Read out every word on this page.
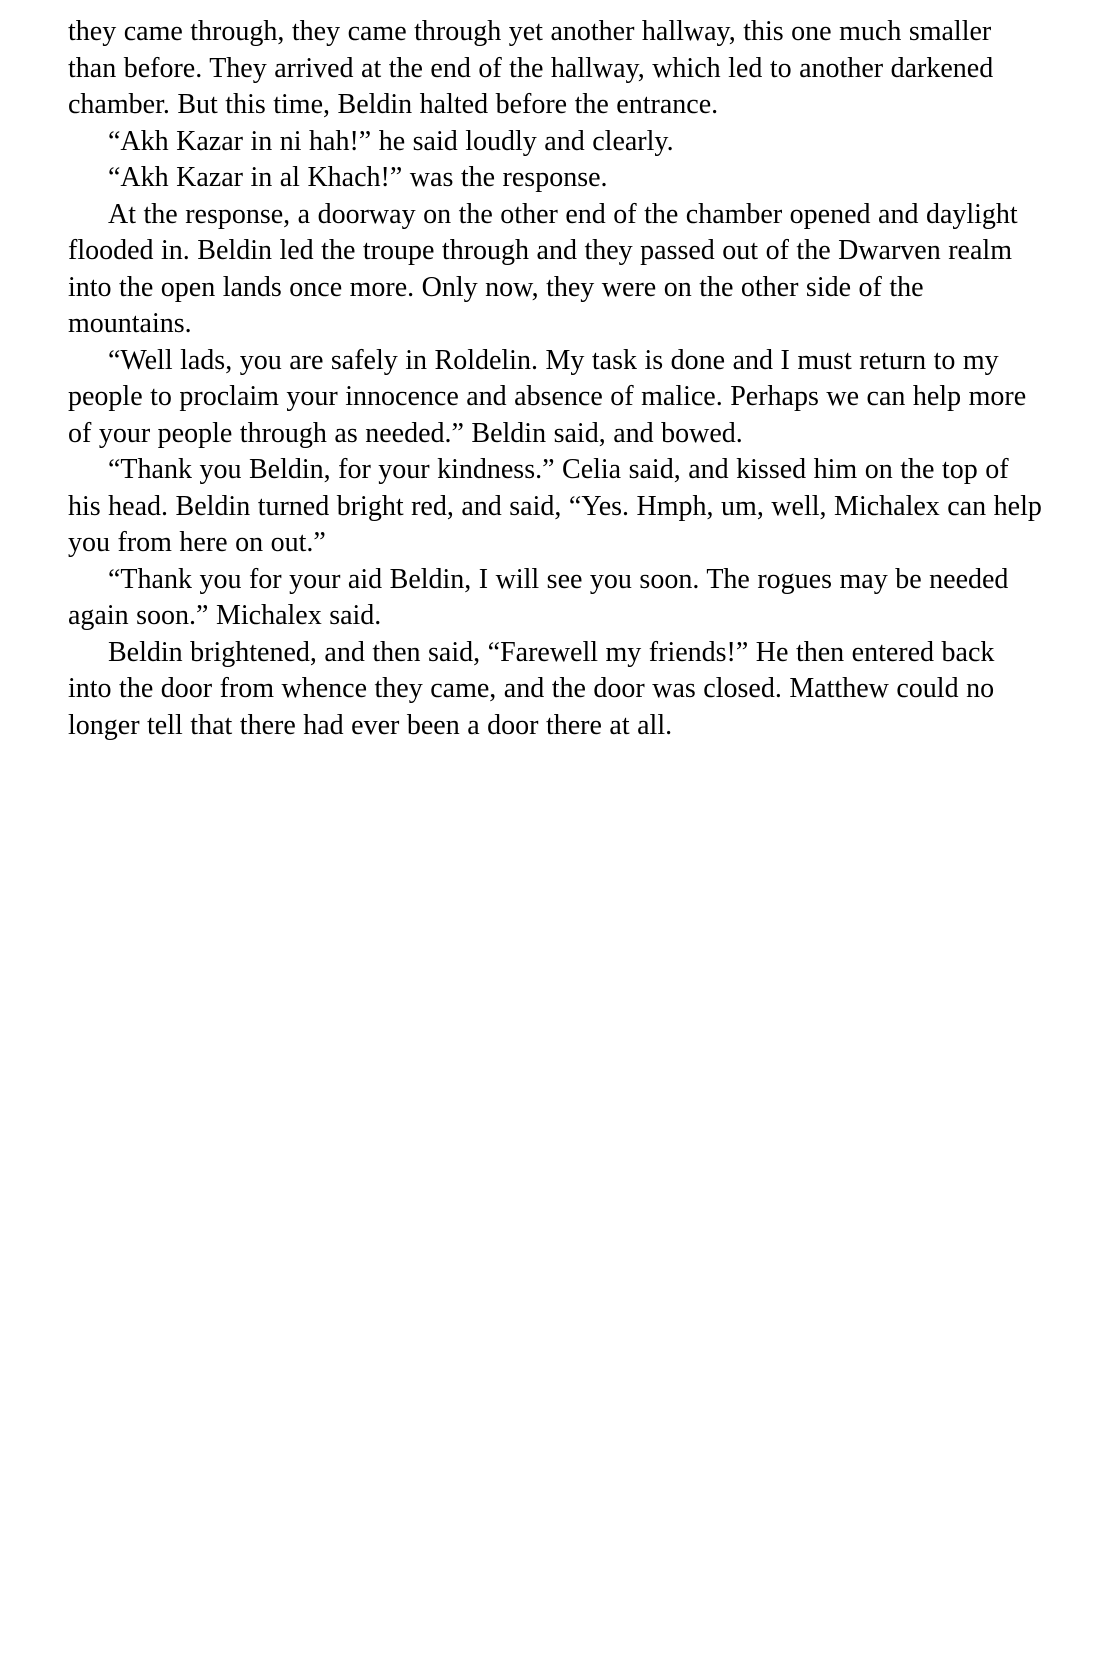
they came through, they came through yet another hallway, this one much smaller than before. They arrived at the end of the hallway, which led to another darkened chamber. But this time, Beldin halted before the entrance.

“Akh Kazar in ni hah!” he said loudly and clearly.

“Akh Kazar in al Khach!” was the response.

At the response, a doorway on the other end of the chamber opened and daylight flooded in. Beldin led the troupe through and they passed out of the Dwarven realm into the open lands once more. Only now, they were on the other side of the mountains.

“Well lads, you are safely in Roldelin. My task is done and I must return to my people to proclaim your innocence and absence of malice. Perhaps we can help more of your people through as needed.” Beldin said, and bowed.

“Thank you Beldin, for your kindness.” Celia said, and kissed him on the top of his head. Beldin turned bright red, and said, “Yes. Hmph, um, well, Michalex can help you from here on out.”

“Thank you for your aid Beldin, I will see you soon. The rogues may be needed again soon.” Michalex said.

Beldin brightened, and then said, “Farewell my friends!” He then entered back into the door from whence they came, and the door was closed. Matthew could no longer tell that there had ever been a door there at all.
